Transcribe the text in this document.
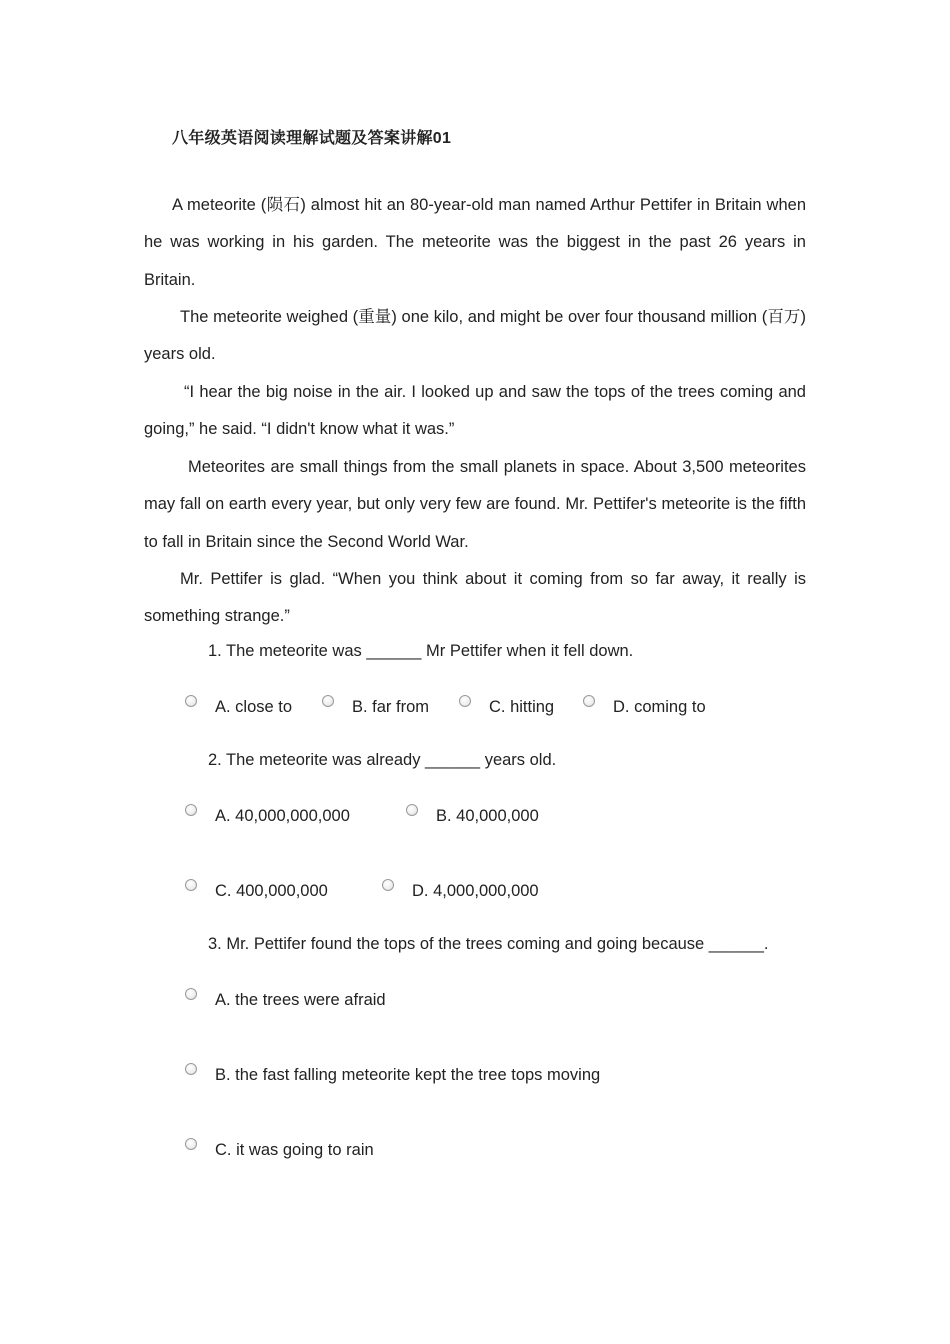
八年级英语阅读理解试题及答案讲解01

A meteorite (陨石) almost hit an 80-year-old man named Arthur Pettifer in Britain when he was working in his garden. The meteorite was the biggest in the past 26 years in Britain.

The meteorite weighed (重量) one kilo, and might be over four thousand million (百万) years old.

“I hear the big noise in the air. I looked up and saw the tops of the trees coming and going,” he said. “I didn't know what it was.”

Meteorites are small things from the small planets in space. About 3,500 meteorites may fall on earth every year, but only very few are found. Mr. Pettifer's meteorite is the fifth to fall in Britain since the Second World War.

Mr. Pettifer is glad. “When you think about it coming from so far away, it really is something strange.”

1. The meteorite was ______ Mr Pettifer when it fell down.

A. close to	B. far from	C. hitting	D. coming to

2. The meteorite was already ______ years old.

A. 40,000,000,000	B. 40,000,000
C. 400,000,000	D. 4,000,000,000

3. Mr. Pettifer found the tops of the trees coming and going because ______.

A. the trees were afraid
B. the fast falling meteorite kept the tree tops moving
C. it was going to rain
